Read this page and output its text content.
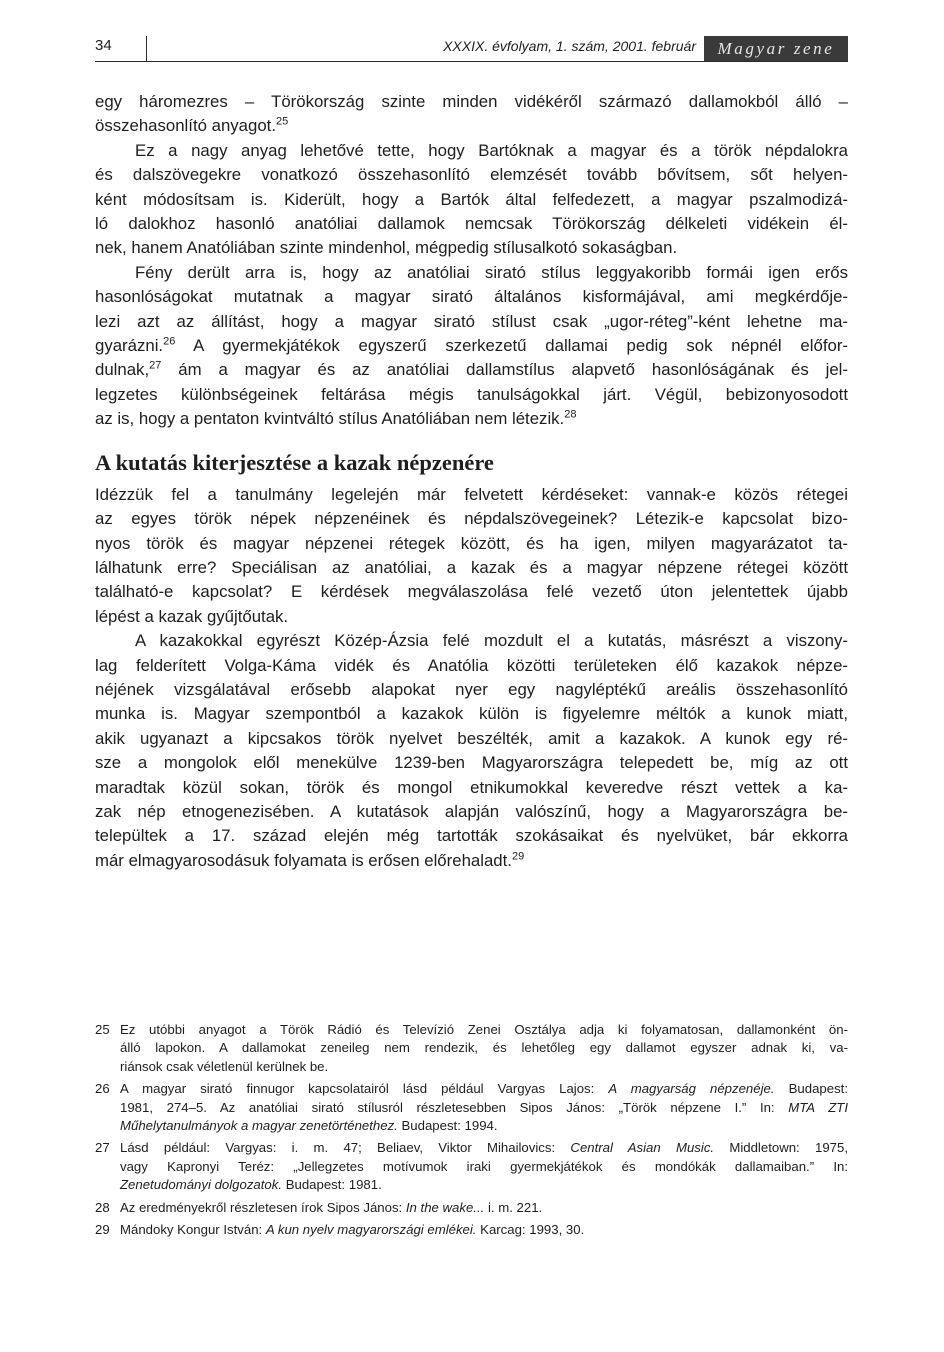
34	XXXIX. évfolyam, 1. szám, 2001. február	Magyar zene

egy háromezres – Törökország szinte minden vidékéről származó dallamokból álló –
összehasonlító anyagot.$^{25}$

Ez a nagy anyag lehetővé tette, hogy Bartóknak a magyar és a török népdalokra
és dalszövegekre vonatkozó összehasonlító elemzését tovább bővítsem, sőt helyen-
ként módosítsam is. Kiderült, hogy a Bartók által felfedezett, a magyar pszalmodizá-
ló dalokhoz hasonló anatóliai dallamok nemcsak Törökország délkeleti vidékein él-
nek, hanem Anatóliában szinte mindenhol, mégpedig stílusalkotó sokaságban.

Fény derült arra is, hogy az anatóliai sirató stílus leggyakoribb formái igen erős
hasonlóságokat mutatnak a magyar sirató általános kisformájával, ami megkérdője-
lezi azt az állítást, hogy a magyar sirató stílust csak „ugor-réteg”-ként lehetne ma-
gyarázni.$^{26}$ A gyermekjátékok egyszerű szerkezetű dallamai pedig sok népnél előfor-
dulnak,$^{27}$ ám a magyar és az anatóliai dallamstílus alapvető hasonlóságának és jel-
legzetes különbségeinek feltárása mégis tanulságokkal járt. Végül, bebizonyosodott
az is, hogy a pentaton kvintváltó stílus Anatóliában nem létezik.$^{28}$

A kutatás kiterjesztése a kazak népzenére

Idézzük fel a tanulmány legelején már felvetett kérdéseket: vannak-e közös rétegei
az egyes török népek népzenéinek és népdalszövegeinek? Létezik-e kapcsolat bizo-
nyos török és magyar népzenei rétegek között, és ha igen, milyen magyarázatot ta-
lálhatunk erre? Speciálisan az anatóliai, a kazak és a magyar népzene rétegei között
található-e kapcsolat? E kérdések megválaszolása felé vezető úton jelentettek újabb
lépést a kazak gyűjtőutak.

A kazakokkal egyrészt Közép-Ázsia felé mozdult el a kutatás, másrészt a viszony-
lag felderített Volga-Káma vidék és Anatólia közötti területeken élő kazakok népze-
néjének vizsgálatával erősebb alapokat nyer egy nagyléptékű areális összehasonlító
munka is. Magyar szempontból a kazakok külön is figyelemre méltók a kunok miatt,
akik ugyanazt a kipcsakos török nyelvet beszélték, amit a kazakok. A kunok egy ré-
sze a mongolok elől menekülve 1239-ben Magyarországra telepedett be, míg az ott
maradtak közül sokan, török és mongol etnikumokkal keveredve részt vettek a ka-
zak nép etnogenezisében. A kutatások alapján valószínű, hogy a Magyarországra be-
települtek a 17. század elején még tartották szokásaikat és nyelvüket, bár ekkorra
már elmagyarosodásuk folyamata is erősen előrehaladt.$^{29}$

25 Ez utóbbi anyagot a Török Rádió és Televízió Zenei Osztálya adja ki folyamatosan, dallamonként ön-
álló lapokon. A dallamokat zeneileg nem rendezik, és lehetőleg egy dallamot egyszer adnak ki, va-
riánsok csak véletlenül kerülnek be.
26 A magyar sirató finnugor kapcsolatairól lásd például Vargyas Lajos: A magyarság népzenéje. Budapest:
1981, 274–5. Az anatóliai sirató stílusról részletesebben Sipos János: „Török népzene I.” In: MTA ZTI
Műhelytanulmányok a magyar zenetörténethez. Budapest: 1994.
27 Lásd például: Vargyas: i. m. 47; Beliaev, Viktor Mihailovics: Central Asian Music. Middletown: 1975,
vagy Kapronyi Teréz: „Jellegzetes motívumok iraki gyermekjátékok és mondókák dallamaiban.” In:
Zenetudományi dolgozatok. Budapest: 1981.
28 Az eredményekről részletesen írok Sipos János: In the wake... i. m. 221.
29 Mándoky Kongur István: A kun nyelv magyarországi emlékei. Karcag: 1993, 30.
